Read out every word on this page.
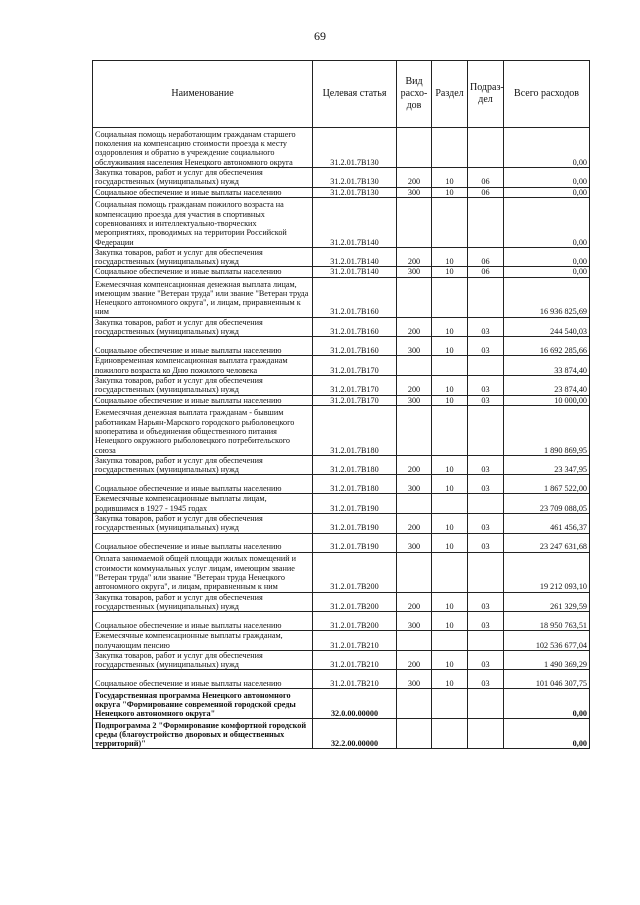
69
Наименование	Целевая статья	Вид расхо- дов	Раздел	Подраз- дел	Всего расходов
Социальная помощь неработающим гражданам старшего поколения на компенсацию стоимости проезда к месту оздоровления и обратно в учреждение социального обслуживания населения Ненецкого автономного округа	31.2.01.7В130				0,00
Закупка товаров, работ и услуг для обеспечения государственных (муниципальных) нужд	31.2.01.7В130	200	10	06	0,00
Социальное обеспечение и иные выплаты населению	31.2.01.7В130	300	10	06	0,00
Социальная помощь гражданам пожилого возраста на компенсацию проезда для участия в спортивных соревнованиях и интеллектуально-творческих мероприятиях, проводимых на территории Российской Федерации	31.2.01.7В140				0,00
Закупка товаров, работ и услуг для обеспечения государственных (муниципальных) нужд	31.2.01.7В140	200	10	06	0,00
Социальное обеспечение и иные выплаты населению	31.2.01.7В140	300	10	06	0,00
Ежемесячная компенсационная денежная выплата лицам, имеющим звание "Ветеран труда" или звание "Ветеран труда Ненецкого автономного округа", и лицам, приравненным к ним	31.2.01.7В160				16 936 825,69
Закупка товаров, работ и услуг для обеспечения государственных (муниципальных) нужд	31.2.01.7В160	200	10	03	244 540,03
Социальное обеспечение и иные выплаты населению	31.2.01.7В160	300	10	03	16 692 285,66
Единовременная компенсационная выплата гражданам пожилого возраста ко Дню пожилого человека	31.2.01.7В170				33 874,40
Закупка товаров, работ и услуг для обеспечения государственных (муниципальных) нужд	31.2.01.7В170	200	10	03	23 874,40
Социальное обеспечение и иные выплаты населению	31.2.01.7В170	300	10	03	10 000,00
Ежемесячная денежная выплата гражданам - бывшим работникам Нарьян-Марского городского рыболовецкого кооператива и объединения общественного питания Ненецкого окружного рыболовецкого потребительского союза	31.2.01.7В180				1 890 869,95
Закупка товаров, работ и услуг для обеспечения государственных (муниципальных) нужд	31.2.01.7В180	200	10	03	23 347,95
Социальное обеспечение и иные выплаты населению	31.2.01.7В180	300	10	03	1 867 522,00
Ежемесячные компенсационные выплаты лицам, родившимся в 1927 - 1945 годах	31.2.01.7В190				23 709 088,05
Закупка товаров, работ и услуг для обеспечения государственных (муниципальных) нужд	31.2.01.7В190	200	10	03	461 456,37
Социальное обеспечение и иные выплаты населению	31.2.01.7В190	300	10	03	23 247 631,68
Оплата занимаемой общей площади жилых помещений и стоимости коммунальных услуг лицам, имеющим звание "Ветеран труда" или звание "Ветеран труда Ненецкого автономного округа", и лицам, приравненным к ним	31.2.01.7В200				19 212 093,10
Закупка товаров, работ и услуг для обеспечения государственных (муниципальных) нужд	31.2.01.7В200	200	10	03	261 329,59
Социальное обеспечение и иные выплаты населению	31.2.01.7В200	300	10	03	18 950 763,51
Ежемесячные компенсационные выплаты гражданам, получающим пенсию	31.2.01.7В210				102 536 677,04
Закупка товаров, работ и услуг для обеспечения государственных (муниципальных) нужд	31.2.01.7В210	200	10	03	1 490 369,29
Социальное обеспечение и иные выплаты населению	31.2.01.7В210	300	10	03	101 046 307,75
Государственная программа Ненецкого автономного округа "Формирование современной городской среды Ненецкого автономного округа"	32.0.00.00000				0,00
Подпрограмма 2 "Формирование комфортной городской среды (благоустройство дворовых и общественных территорий)"	32.2.00.00000				0,00
